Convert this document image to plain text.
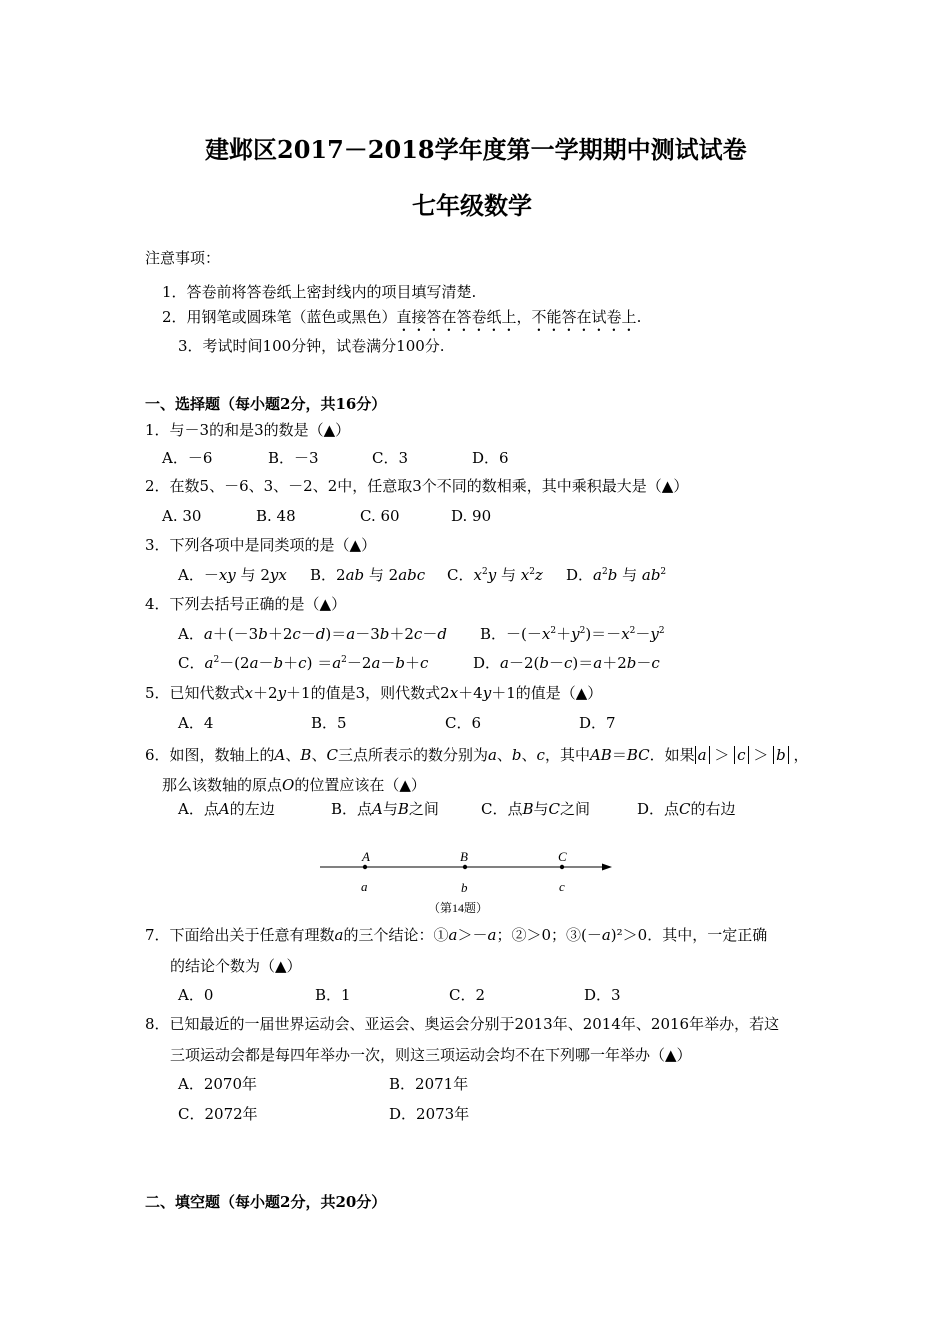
建邺区2017－2018学年度第一学期期中测试试卷
七年级数学
注意事项：
1．答卷前将答卷纸上密封线内的项目填写清楚.
2．用钢笔或圆珠笔（蓝色或黑色）直接答在答卷纸上，不能答在试卷上.
3．考试时间100分钟，试卷满分100分.
一、选择题（每小题2分，共16分）
1．与－3的和是3的数是（▲）
A．－6	B．－3	C．3	D．6
2．在数5、－6、3、－2、2中，任意取3个不同的数相乘，其中乘积最大是（▲）
A. 30	B. 48	C. 60	D. 90
3．下列各项中是同类项的是（▲）
A．－xy 与 2yx B．2ab 与 2abc C．$x^2y$ 与 $x^2z$ D．$a^2b$ 与 $ab^2$
4．下列去括号正确的是（▲）
A．a＋(－3b＋2c－d)＝a－3b＋2c－d B．$-(-x^2+y^2)=-x^2-y^2$
C．$a^2-(2a-b+c) =a^2-2a-b+c$	D．a－2(b－c)＝a＋2b－c
5．已知代数式x＋2y＋1的值是3，则代数式2x＋4y＋1的值是（▲）
A．4	B．5	C．6	D．7
6．如图，数轴上的A、B、C三点所表示的数分别为a、b、c，其中AB＝BC．如果 a ＞ c ＞ b ，
那么该数轴的原点O的位置应该在（▲）
A．点A的左边	B．点A与B之间	C．点B与C之间	D．点C的右边
A	B	C
a	b	c
（第14题）
7．下面给出关于任意有理数a的三个结论：①a＞－a；②＞0；③(－a)²＞0．其中，一定正确
的结论个数为（▲）
A．0	B．1	C．2	D．3
8．已知最近的一届世界运动会、亚运会、奥运会分别于2013年、2014年、2016年举办，若这
三项运动会都是每四年举办一次，则这三项运动会均不在下列哪一年举办（▲）
A．2070年	B．2071年
C．2072年	D．2073年
二、填空题（每小题2分，共20分）
